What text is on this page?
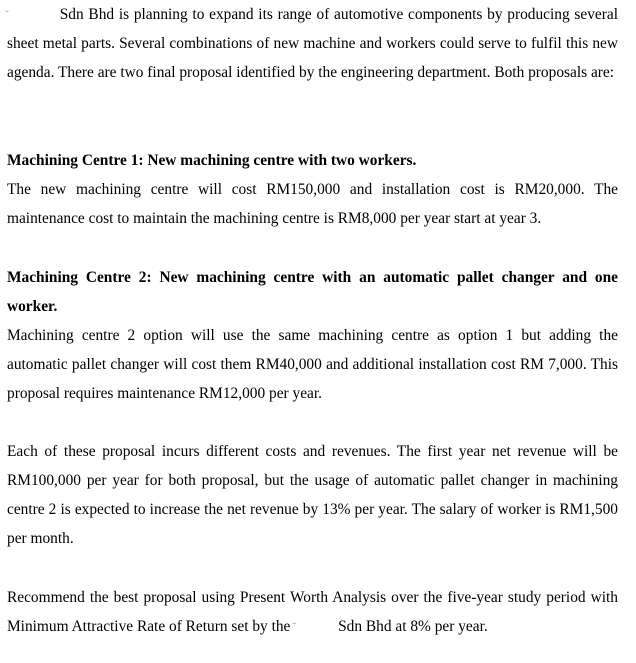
Sdn Bhd is planning to expand its range of automotive components by producing several sheet metal parts. Several combinations of new machine and workers could serve to fulfil this new agenda. There are two final proposal identified by the engineering department. Both proposals are:

Machining Centre 1: New machining centre with two workers.

The new machining centre will cost RM150,000 and installation cost is RM20,000. The maintenance cost to maintain the machining centre is RM8,000 per year start at year 3.

Machining Centre 2: New machining centre with an automatic pallet changer and one worker.

Machining centre 2 option will use the same machining centre as option 1 but adding the automatic pallet changer will cost them RM40,000 and additional installation cost RM 7,000. This proposal requires maintenance RM12,000 per year.

Each of these proposal incurs different costs and revenues. The first year net revenue will be RM100,000 per year for both proposal, but the usage of automatic pallet changer in machining centre 2 is expected to increase the net revenue by 13% per year. The salary of worker is RM1,500 per month.

Recommend the best proposal using Present Worth Analysis over the five-year study period with Minimum Attractive Rate of Return set by the	Sdn Bhd at 8% per year.
